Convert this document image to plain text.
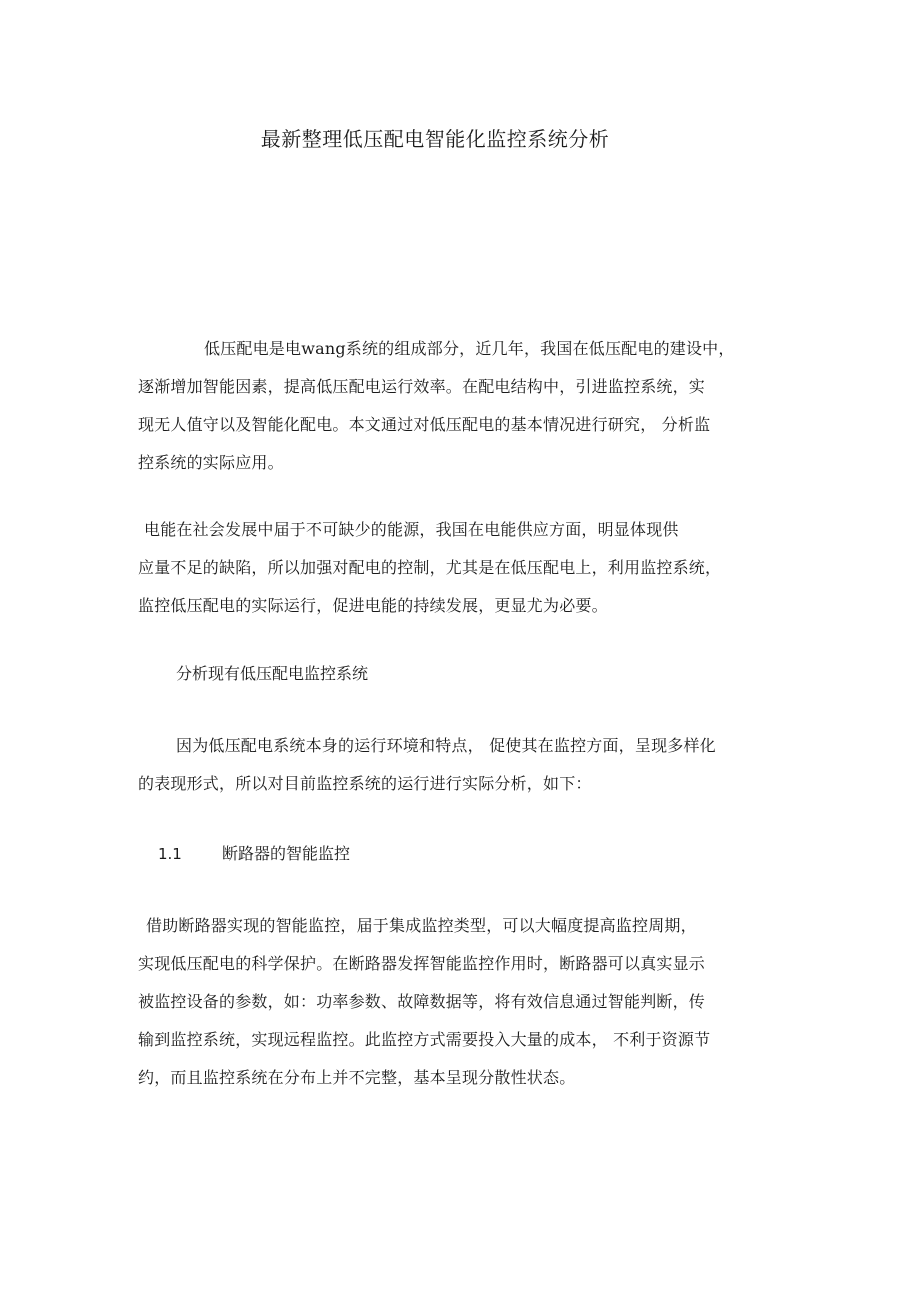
最新整理低压配电智能化监控系统分析
低压配电是电wang系统的组成部分，近几年，我国在低压配电的建设中，
逐渐增加智能因素，提高低压配电运行效率。在配电结构中，引进监控系统，实
现无人值守以及智能化配电。本文通过对低压配电的基本情况进行研究， 分析监
控系统的实际应用。
电能在社会发展中届于不可缺少的能源，我国在电能供应方面，明显体现供
应量不足的缺陷，所以加强对配电的控制，尤其是在低压配电上，利用监控系统，
监控低压配电的实际运行，促进电能的持续发展，更显尤为必要。
分析现有低压配电监控系统
因为低压配电系统本身的运行环境和特点， 促使其在监控方面，呈现多样化
的表现形式，所以对目前监控系统的运行进行实际分析，如下：
1.1	断路器的智能监控
借助断路器实现的智能监控，届于集成监控类型，可以大幅度提高监控周期，
实现低压配电的科学保护。在断路器发挥智能监控作用时，断路器可以真实显示
被监控设备的参数，如：功率参数、故障数据等，将有效信息通过智能判断，传
输到监控系统，实现远程监控。此监控方式需要投入大量的成本， 不利于资源节
约，而且监控系统在分布上并不完整，基本呈现分散性状态。
